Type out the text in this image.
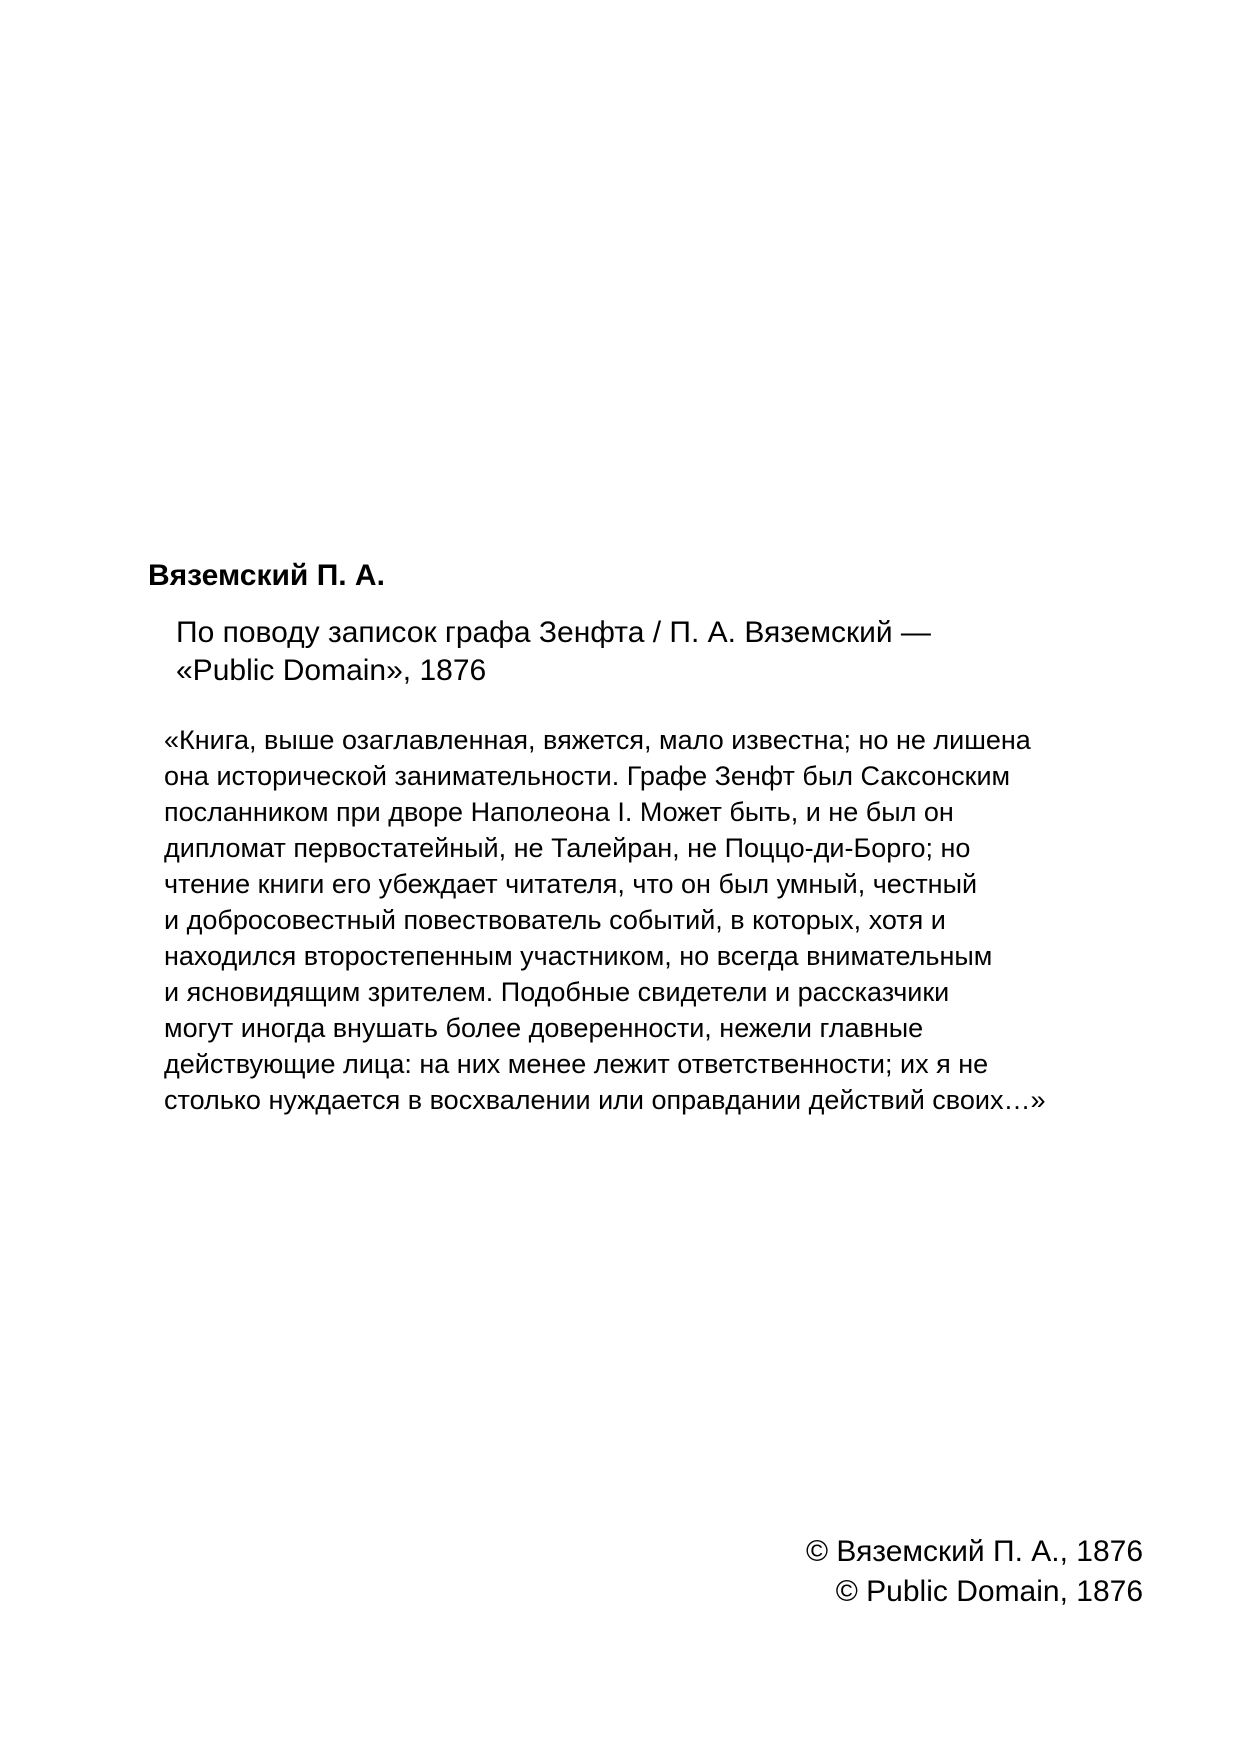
Вяземский П. А.
По поводу записок графа Зенфта / П. А. Вяземский —
«Public Domain», 1876
«Книга, выше озаглавленная, вяжется, мало известна; но не лишена
она исторической занимательности. Графе Зенфт был Саксонским
посланником при дворе Наполеона I. Может быть, и не был он
дипломат первостатейный, не Талейран, не Поццо-ди-Борго; но
чтение книги его убеждает читателя, что он был умный, честный
и добросовестный повествователь событий, в которых, хотя и
находился второстепенным участником, но всегда внимательным
и ясновидящим зрителем. Подобные свидетели и рассказчики
могут иногда внушать более доверенности, нежели главные
действующие лица: на них менее лежит ответственности; их я не
столько нуждается в восхвалении или оправдании действий своих…»
© Вяземский П. А., 1876
© Public Domain, 1876
